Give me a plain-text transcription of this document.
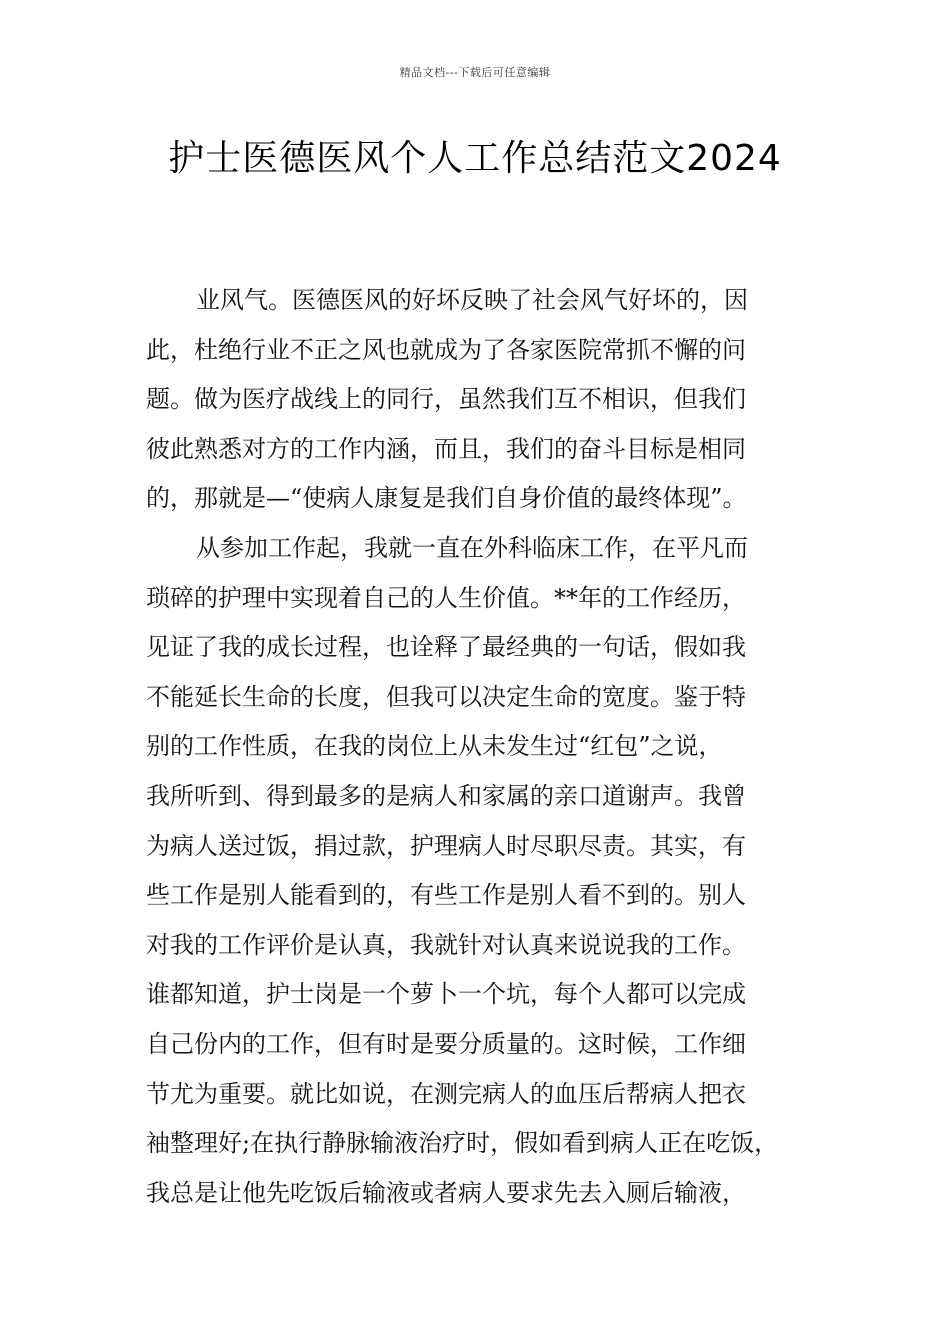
精品文档---下载后可任意编辑
护士医德医风个人工作总结范文2024
业风气。医德医风的好坏反映了社会风气好坏的，因
此，杜绝行业不正之风也就成为了各家医院常抓不懈的问
题。做为医疗战线上的同行，虽然我们互不相识，但我们
彼此熟悉对方的工作内涵，而且，我们的奋斗目标是相同
的，那就是—“使病人康复是我们自身价值的最终体现”。
从参加工作起，我就一直在外科临床工作，在平凡而
琐碎的护理中实现着自己的人生价值。**年的工作经历，
见证了我的成长过程，也诠释了最经典的一句话，假如我
不能延长生命的长度，但我可以决定生命的宽度。鉴于特
别的工作性质，在我的岗位上从未发生过“红包”之说，
我所听到、得到最多的是病人和家属的亲口道谢声。我曾
为病人送过饭，捐过款，护理病人时尽职尽责。其实，有
些工作是别人能看到的，有些工作是别人看不到的。别人
对我的工作评价是认真，我就针对认真来说说我的工作。
谁都知道，护士岗是一个萝卜一个坑，每个人都可以完成
自己份内的工作，但有时是要分质量的。这时候，工作细
节尤为重要。就比如说，在测完病人的血压后帮病人把衣
袖整理好;在执行静脉输液治疗时，假如看到病人正在吃饭，
我总是让他先吃饭后输液或者病人要求先去入厕后输液，
